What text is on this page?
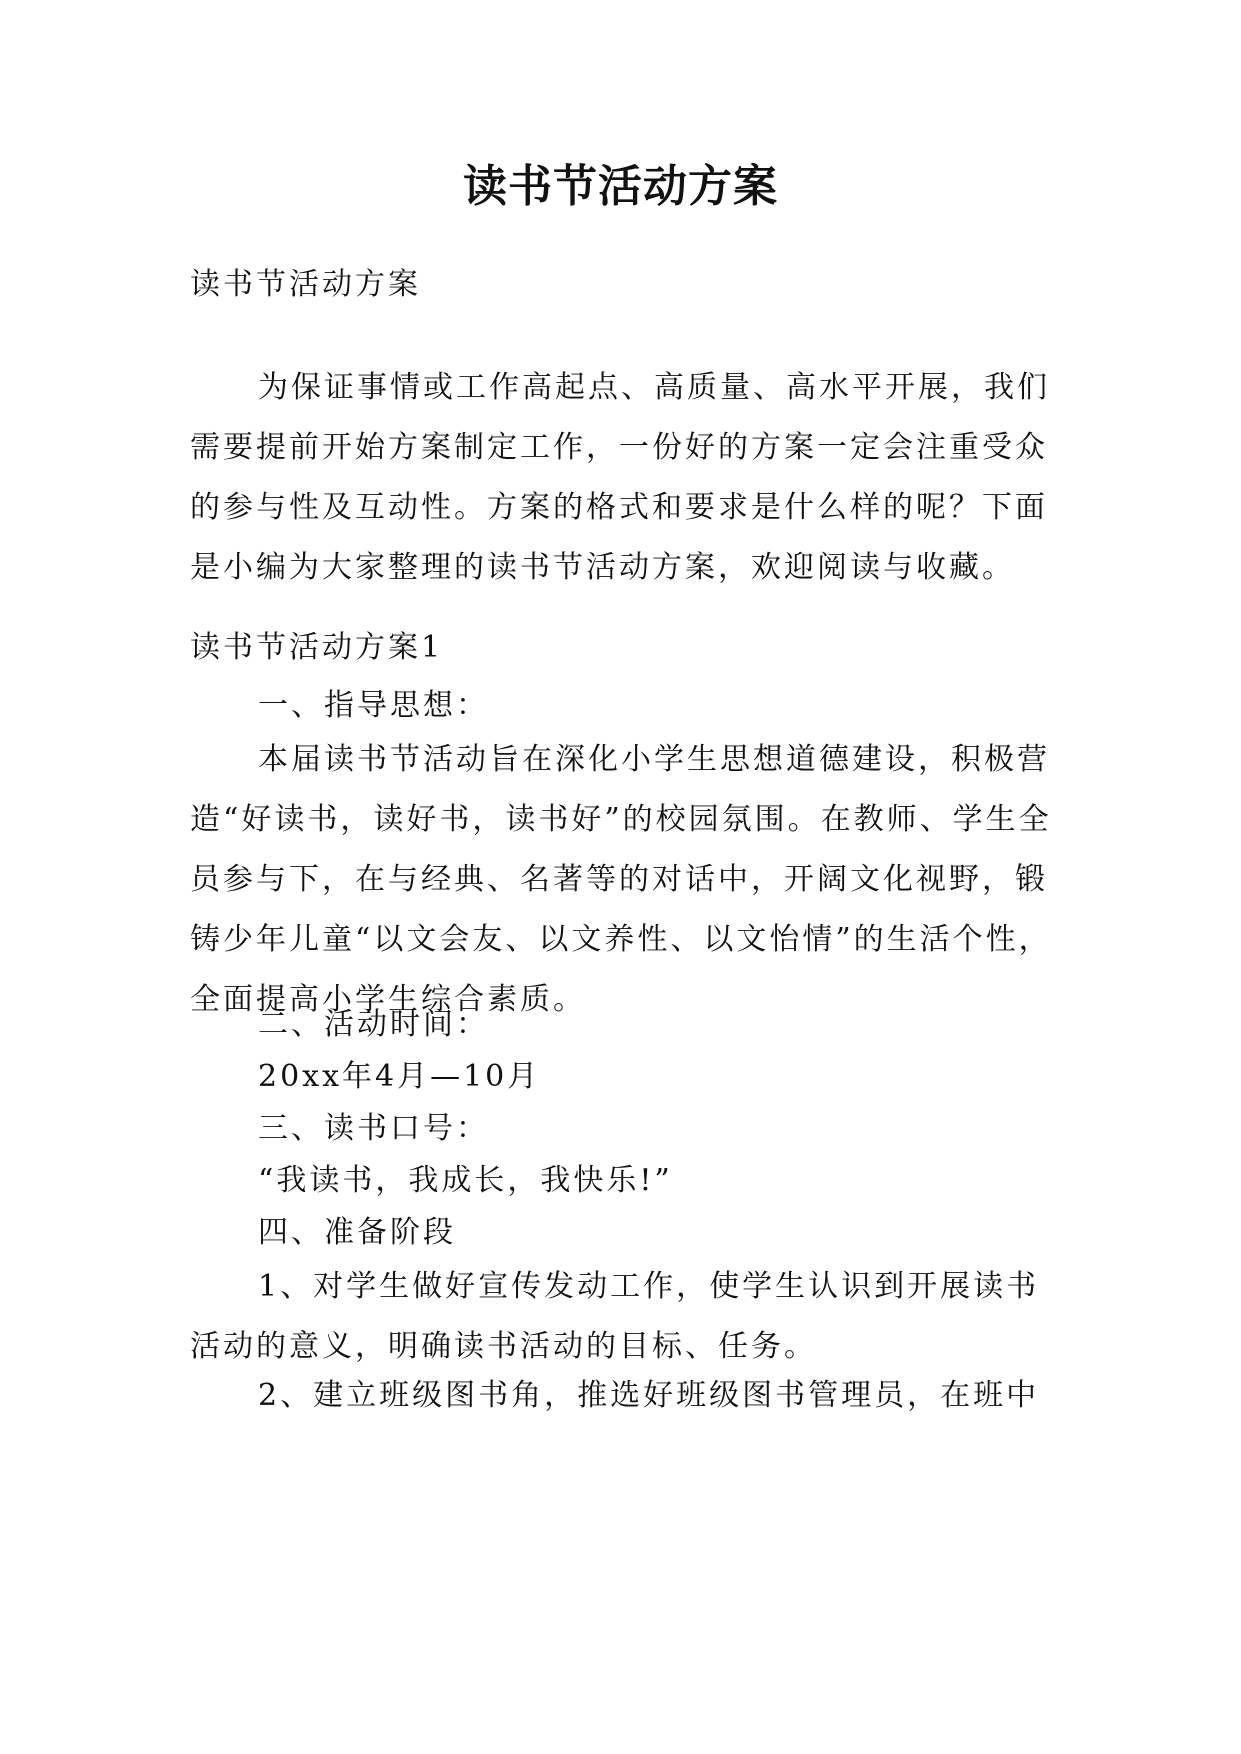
读书节活动方案
读书节活动方案
为保证事情或工作高起点、高质量、高水平开展，我们需要提前开始方案制定工作，一份好的方案一定会注重受众的参与性及互动性。方案的格式和要求是什么样的呢？下面是小编为大家整理的读书节活动方案，欢迎阅读与收藏。
读书节活动方案1
一、指导思想：
本届读书节活动旨在深化小学生思想道德建设，积极营造“好读书，读好书，读书好”的校园氛围。在教师、学生全员参与下，在与经典、名著等的对话中，开阔文化视野，锻铸少年儿童“以文会友、以文养性、以文怡情”的生活个性，全面提高小学生综合素质。
二、活动时间：
20xx年4月—10月
三、读书口号：
“我读书，我成长，我快乐!”
四、准备阶段
1、对学生做好宣传发动工作，使学生认识到开展读书活动的意义，明确读书活动的目标、任务。
2、建立班级图书角，推选好班级图书管理员，在班中
